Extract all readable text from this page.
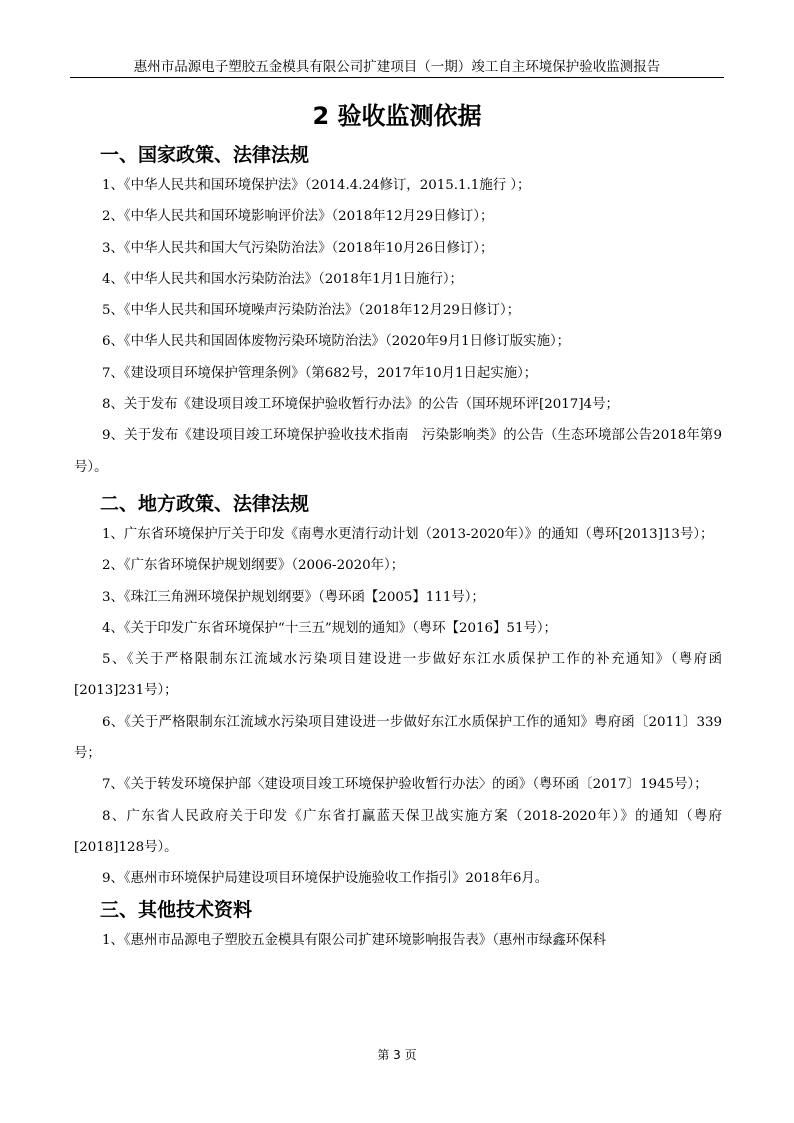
惠州市品源电子塑胶五金模具有限公司扩建项目（一期）竣工自主环境保护验收监测报告
2 验收监测依据
一、国家政策、法律法规

1、《中华人民共和国环境保护法》（2014.4.24修订，2015.1.1施行 ）；

2、《中华人民共和国环境影响评价法》（2018年12月29日修订）；

3、《中华人民共和国大气污染防治法》（2018年10月26日修订）；

4、《中华人民共和国水污染防治法》（2018年1月1日施行）；

5、《中华人民共和国环境噪声污染防治法》（2018年12月29日修订）；

6、《中华人民共和国固体废物污染环境防治法》（2020年9月1日修订版实施）；

7、《建设项目环境保护管理条例》（第682号，2017年10月1日起实施）；

8、关于发布《建设项目竣工环境保护验收暂行办法》的公告（国环规环评[2017]4号；

9、关于发布《建设项目竣工环境保护验收技术指南　污染影响类》的公告（生态环境部公告2018年第9号）。

二、地方政策、法律法规

1、广东省环境保护厅关于印发《南粤水更清行动计划（2013-2020年）》的通知（粤环[2013]13号）；

2、《广东省环境保护规划纲要》（2006-2020年）；

3、《珠江三角洲环境保护规划纲要》（粤环函【2005】111号）；

4、《关于印发广东省环境保护“十三五”规划的通知》（粤环【2016】51号）；

5、《关于严格限制东江流域水污染项目建设进一步做好东江水质保护工作的补充通知》（粤府函[2013]231号）；

6、《关于严格限制东江流域水污染项目建设进一步做好东江水质保护工作的通知》粤府函〔2011〕339号；

7、《关于转发环境保护部〈建设项目竣工环境保护验收暂行办法〉的函》（粤环函〔2017〕1945号）；

8、广东省人民政府关于印发《广东省打赢蓝天保卫战实施方案（2018-2020年）》的通知（粤府[2018]128号）。

9、《惠州市环境保护局建设项目环境保护设施验收工作指引》2018年6月。

三、其他技术资料

1、《惠州市品源电子塑胶五金模具有限公司扩建环境影响报告表》（惠州市绿鑫环保科

第 3 页
